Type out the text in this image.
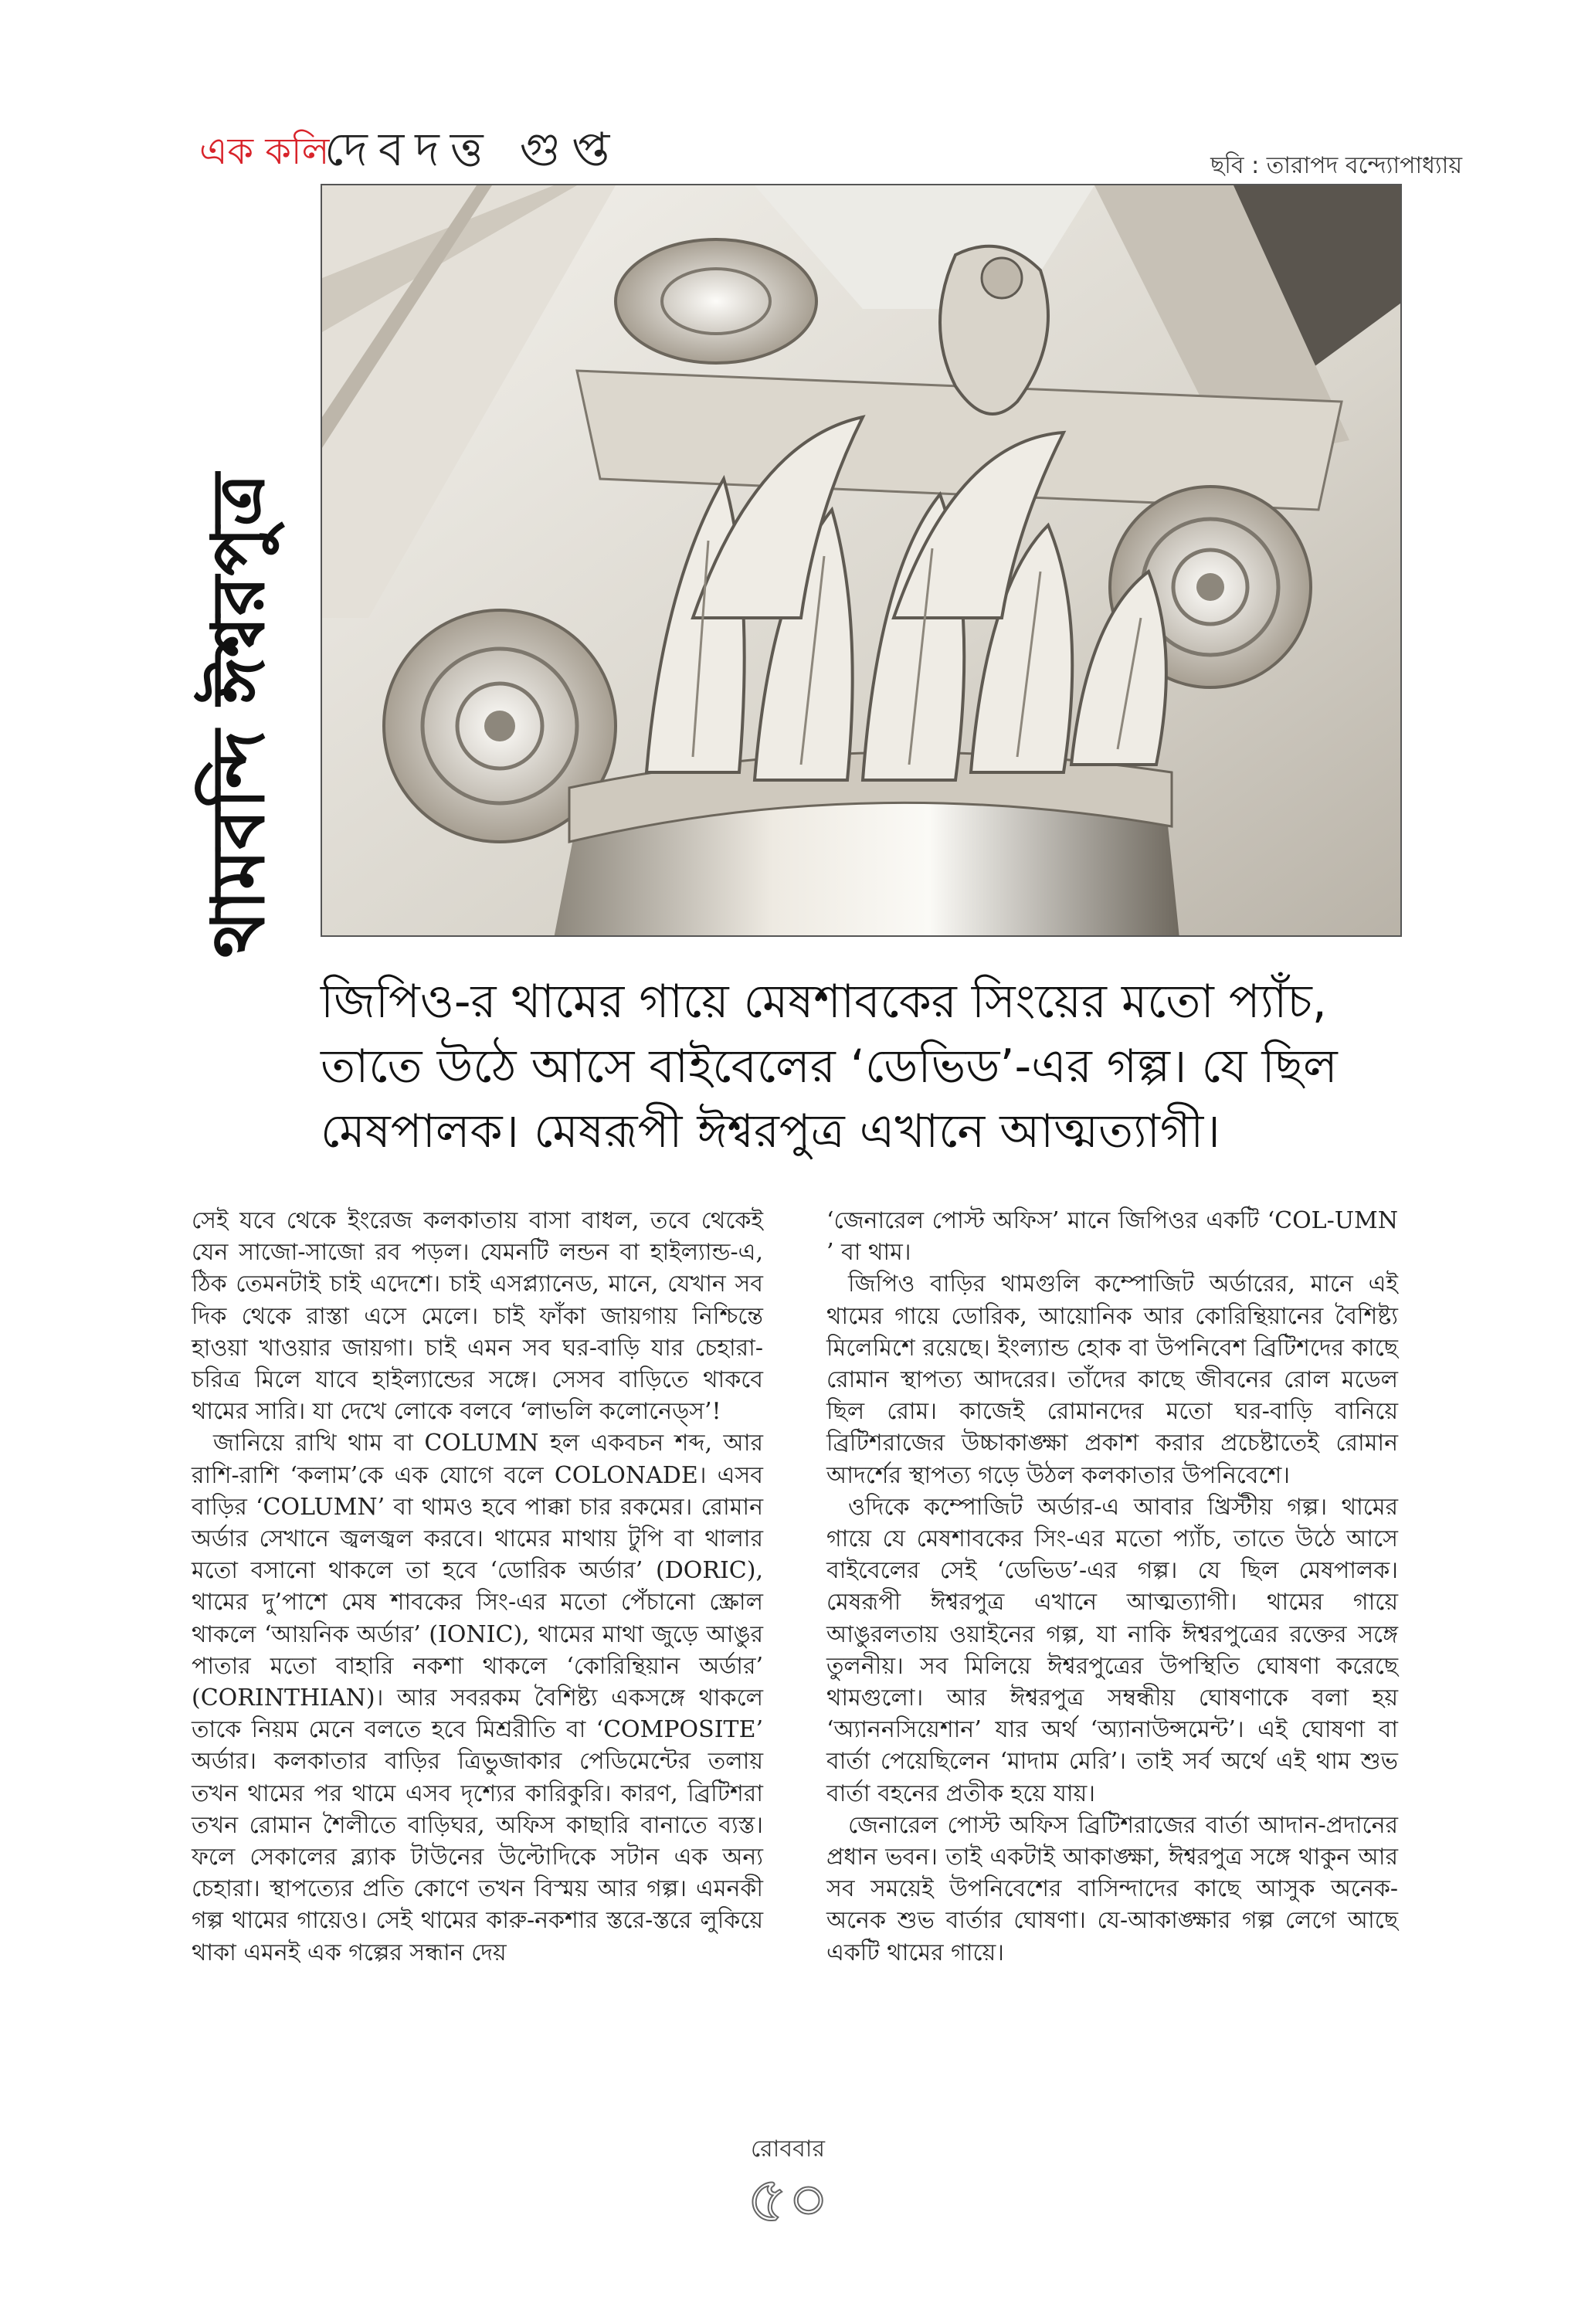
এক কলি
দেবদত্ত গুপ্ত	ছবি : তারাপদ বন্দ্যোপাধ্যায়
থামবন্দি ঈশ্বরপুত্র
জিপিও-র থামের গায়ে মেষশাবকের সিংয়ের মতো প্যাঁচ, তাতে উঠে আসে বাইবেলের ‘ডেভিড’-এর গল্প। যে ছিল মেষপালক। মেষরূপী ঈশ্বরপুত্র এখানে আত্মত্যাগী।

সেই যবে থেকে ইংরেজ কলকাতায় বাসা বাধল, তবে থেকেই যেন সাজো-সাজো রব পড়ল। যেমনটি লন্ডন বা হাইল্যান্ড-এ, ঠিক তেমনটাই চাই এদেশে। চাই এসপ্ল্যানেড, মানে, যেখান সব দিক থেকে রাস্তা এসে মেলে। চাই ফাঁকা জায়গায় নিশ্চিন্তে হাওয়া খাওয়ার জায়গা। চাই এমন সব ঘর-বাড়ি যার চেহারা-চরিত্র মিলে যাবে হাইল্যান্ডের সঙ্গে। সেসব বাড়িতে থাকবে থামের সারি। যা দেখে লোকে বলবে ‘লাভলি কলোনেড্স’!

জানিয়ে রাখি থাম বা COLUMN হল একবচন শব্দ, আর রাশি-রাশি ‘কলাম’কে এক যোগে বলে COLONADE। এসব বাড়ির ‘COLUMN’ বা থামও হবে পাক্কা চার রকমের। রোমান অর্ডার সেখানে জ্বলজ্বল করবে। থামের মাথায় টুপি বা থালার মতো বসানো থাকলে তা হবে ‘ডোরিক অর্ডার’ (DORIC), থামের দু’পাশে মেষ শাবকের সিং-এর মতো পেঁচানো স্ক্রোল থাকলে ‘আয়নিক অর্ডার’ (IONIC), থামের মাথা জুড়ে আঙুর পাতার মতো বাহারি নকশা থাকলে ‘কোরিন্থিয়ান অর্ডার’ (CORINTHIAN)। আর সবরকম বৈশিষ্ট্য একসঙ্গে থাকলে তাকে নিয়ম মেনে বলতে হবে মিশ্ররীতি বা ‘COMPOSITE’ অর্ডার। কলকাতার বাড়ির ত্রিভুজাকার পেডিমেন্টের তলায় তখন থামের পর থামে এসব দৃশ্যের কারিকুরি। কারণ, ব্রিটিশরা তখন রোমান শৈলীতে বাড়িঘর, অফিস কাছারি বানাতে ব্যস্ত। ফলে সেকালের ব্ল্যাক টাউনের উল্টোদিকে সটান এক অন্য চেহারা। স্থাপত্যের প্রতি কোণে তখন বিস্ময় আর গল্প। এমনকী গল্প থামের গায়েও। সেই থামের কারু-নকশার স্তরে-স্তরে লুকিয়ে থাকা এমনই এক গল্পের সন্ধান দেয়

‘জেনারেল পোস্ট অফিস’ মানে জিপিওর একটি ‘COL-UMN ’ বা থাম।

জিপিও বাড়ির থামগুলি কম্পোজিট অর্ডারের, মানে এই থামের গায়ে ডোরিক, আয়োনিক আর কোরিন্থিয়ানের বৈশিষ্ট্য মিলেমিশে রয়েছে। ইংল্যান্ড হোক বা উপনিবেশ ব্রিটিশদের কাছে রোমান স্থাপত্য আদরের। তাঁদের কাছে জীবনের রোল মডেল ছিল রোম। কাজেই রোমানদের মতো ঘর-বাড়ি বানিয়ে ব্রিটিশরাজের উচ্চাকাঙ্ক্ষা প্রকাশ করার প্রচেষ্টাতেই রোমান আদর্শের স্থাপত্য গড়ে উঠল কলকাতার উপনিবেশে।

ওদিকে কম্পোজিট অর্ডার-এ আবার খ্রিস্টীয় গল্প। থামের গায়ে যে মেষশাবকের সিং-এর মতো প্যাঁচ, তাতে উঠে আসে বাইবেলের সেই ‘ডেভিড’-এর গল্প। যে ছিল মেষপালক। মেষরূপী ঈশ্বরপুত্র এখানে আত্মত্যাগী। থামের গায়ে আঙুরলতায় ওয়াইনের গল্প, যা নাকি ঈশ্বরপুত্রের রক্তের সঙ্গে তুলনীয়। সব মিলিয়ে ঈশ্বরপুত্রের উপস্থিতি ঘোষণা করেছে থামগুলো। আর ঈশ্বরপুত্র সম্বন্ধীয় ঘোষণাকে বলা হয় ‘অ্যাননসিয়েশান’ যার অর্থ ‘অ্যানাউন্সমেন্ট’। এই ঘোষণা বা বার্তা পেয়েছিলেন ‘মাদাম মেরি’। তাই সর্ব অর্থে এই থাম শুভ বার্তা বহনের প্রতীক হয়ে যায়।

জেনারেল পোস্ট অফিস ব্রিটিশরাজের বার্তা আদান-প্রদানের প্রধান ভবন। তাই একটাই আকাঙ্ক্ষা, ঈশ্বরপুত্র সঙ্গে থাকুন আর সব সময়েই উপনিবেশের বাসিন্দাদের কাছে আসুক অনেক-অনেক শুভ বার্তার ঘোষণা। যে-আকাঙ্ক্ষার গল্প লেগে আছে একটি থামের গায়ে।

রোববার
৫০
